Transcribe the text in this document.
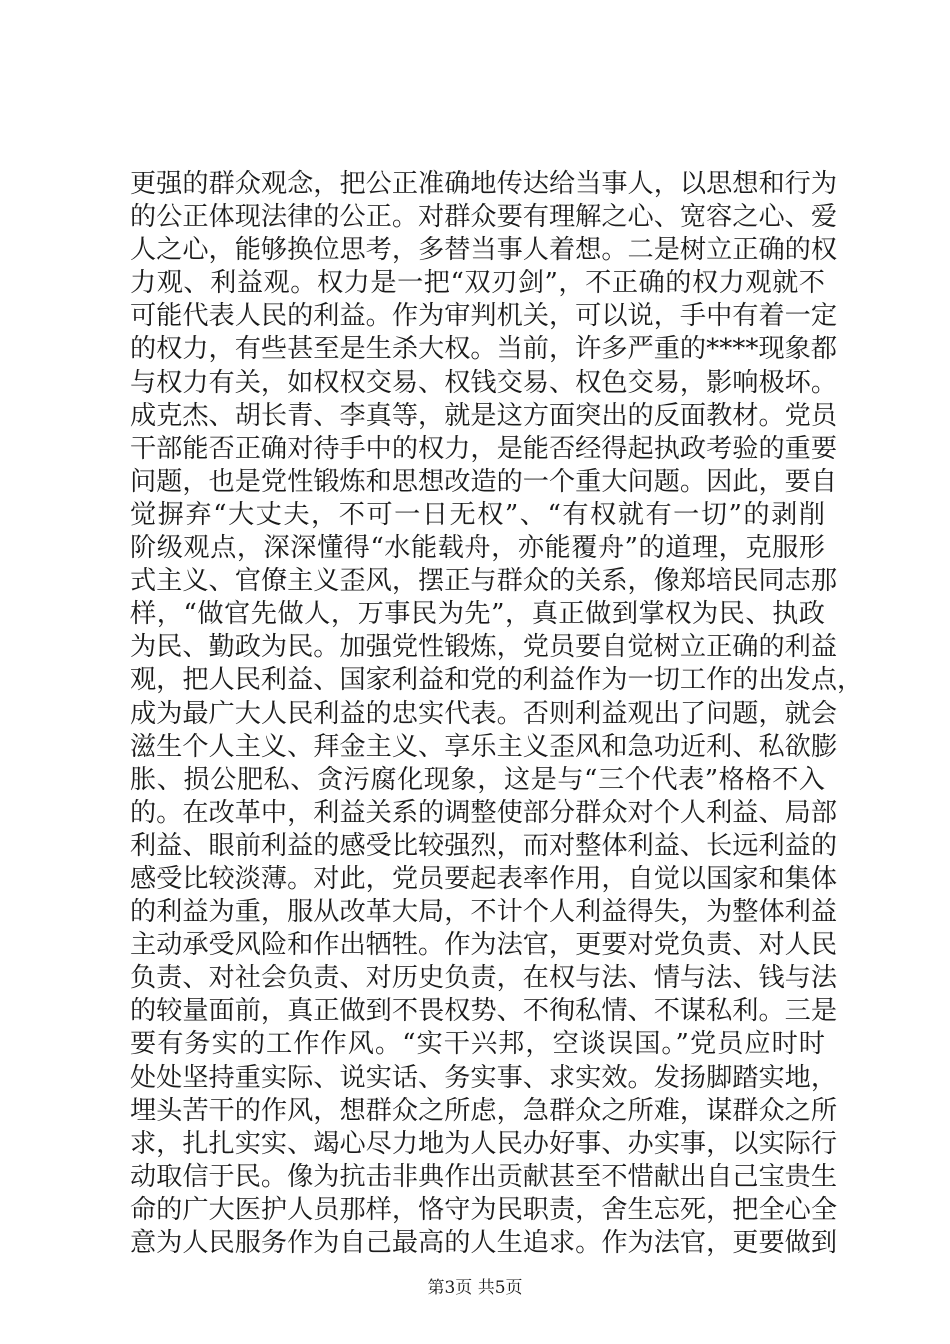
更强的群众观念，把公正准确地传达给当事人，以思想和行为
的公正体现法律的公正。对群众要有理解之心、宽容之心、爱
人之心，能够换位思考，多替当事人着想。二是树立正确的权
力观、利益观。权力是一把“双刃剑”，不正确的权力观就不
可能代表人民的利益。作为审判机关，可以说，手中有着一定
的权力，有些甚至是生杀大权。当前，许多严重的****现象都
与权力有关，如权权交易、权钱交易、权色交易，影响极坏。
成克杰、胡长青、李真等，就是这方面突出的反面教材。党员
干部能否正确对待手中的权力，是能否经得起执政考验的重要
问题，也是党性锻炼和思想改造的一个重大问题。因此，要自
觉摒弃“大丈夫，不可一日无权”、“有权就有一切”的剥削
阶级观点，深深懂得“水能载舟，亦能覆舟”的道理，克服形
式主义、官僚主义歪风，摆正与群众的关系，像郑培民同志那
样，“做官先做人，万事民为先”，真正做到掌权为民、执政
为民、勤政为民。加强党性锻炼，党员要自觉树立正确的利益
观，把人民利益、国家利益和党的利益作为一切工作的出发点，
成为最广大人民利益的忠实代表。否则利益观出了问题，就会
滋生个人主义、拜金主义、享乐主义歪风和急功近利、私欲膨
胀、损公肥私、贪污腐化现象，这是与“三个代表”格格不入
的。在改革中，利益关系的调整使部分群众对个人利益、局部
利益、眼前利益的感受比较强烈，而对整体利益、长远利益的
感受比较淡薄。对此，党员要起表率作用，自觉以国家和集体
的利益为重，服从改革大局，不计个人利益得失，为整体利益
主动承受风险和作出牺牲。作为法官，更要对党负责、对人民
负责、对社会负责、对历史负责，在权与法、情与法、钱与法
的较量面前，真正做到不畏权势、不徇私情、不谋私利。三是
要有务实的工作作风。“实干兴邦，空谈误国。”党员应时时
处处坚持重实际、说实话、务实事、求实效。发扬脚踏实地，
埋头苦干的作风，想群众之所虑，急群众之所难，谋群众之所
求，扎扎实实、竭心尽力地为人民办好事、办实事，以实际行
动取信于民。像为抗击非典作出贡献甚至不惜献出自己宝贵生
命的广大医护人员那样，恪守为民职责，舍生忘死，把全心全
意为人民服务作为自己最高的人生追求。作为法官，更要做到
第3页 共5页
